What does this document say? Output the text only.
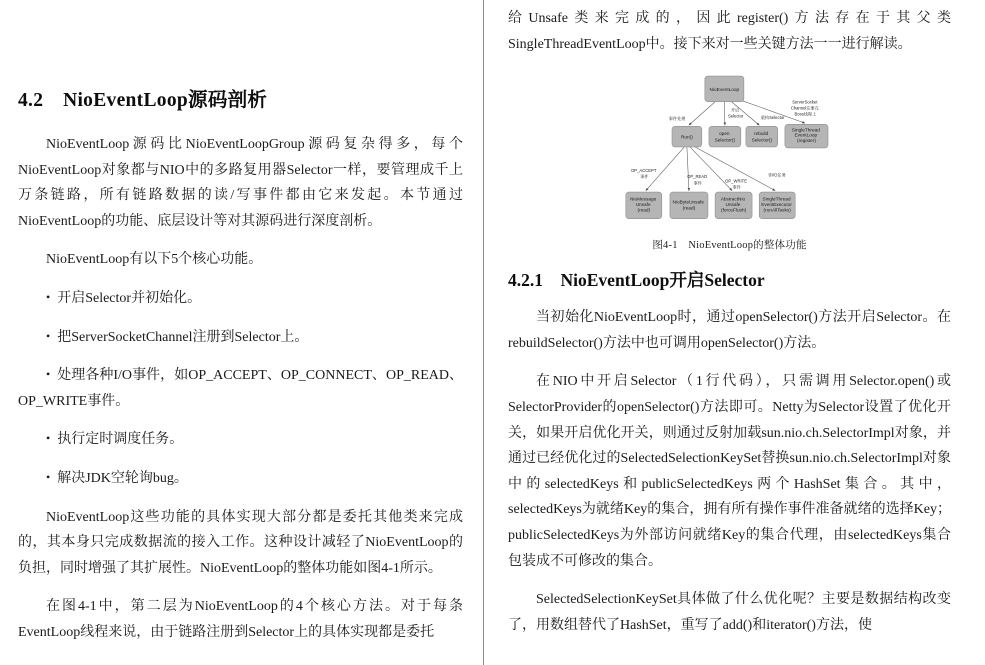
4.2　NioEventLoop源码剖析

NioEventLoop源码比NioEventLoopGroup源码复杂得多，每个NioEventLoop对象都与NIO中的多路复用器Selector一样，要管理成千上万条链路，所有链路数据的读/写事件都由它来发起。本节通过NioEventLoop的功能、底层设计等对其源码进行深度剖析。

NioEventLoop有以下5个核心功能。

• 开启Selector并初始化。

• 把ServerSocketChannel注册到Selector上。

• 处理各种I/O事件，如OP_ACCEPT、OP_CONNECT、OP_READ、OP_WRITE事件。

• 执行定时调度任务。

• 解决JDK空轮询bug。

NioEventLoop这些功能的具体实现大部分都是委托其他类来完成的，其本身只完成数据流的接入工作。这种设计减轻了NioEventLoop的负担，同时增强了其扩展性。NioEventLoop的整体功能如图4-1所示。

在图4-1中，第二层为NioEventLoop的4个核心方法。对于每条EventLoop线程来说，由于链路注册到Selector上的具体实现都是委托

给Unsafe类来完成的，因此register()方法存在于其父类SingleThreadEventLoop中。接下来对一些关键方法一一进行解读。

事件处理
开启 Selector	重构Selector
ServerSocket Channel注册在 Boss线程上
OP_ACCEPT 事件	OP_READ 事件	OP_WRITE 事件
非I/O任务
NioEventLoop
Run()
open Selector()
rebuild Selector()
SingleThread EventLoop (register)
NioMessage Unsafe (read)
NioByteUnsafe (read)
AbstractNio Unsafe (forceFlush)
SingleThread EventExecutor (runAllTasks)
图4-1　NioEventLoop的整体功能
4.2.1　NioEventLoop开启Selector

当初始化NioEventLoop时，通过openSelector()方法开启Selector。在rebuildSelector()方法中也可调用openSelector()方法。

在NIO中开启Selector（1行代码），只需调用Selector.open()或SelectorProvider的openSelector()方法即可。Netty为Selector设置了优化开关，如果开启优化开关，则通过反射加载sun.nio.ch.SelectorImpl对象，并通过已经优化过的SelectedSelectionKeySet替换sun.nio.ch.SelectorImpl对象中的selectedKeys和publicSelectedKeys两个HashSet集合。其中，selectedKeys为就绪Key的集合，拥有所有操作事件准备就绪的选择Key；publicSelectedKeys为外部访问就绪Key的集合代理，由selectedKeys集合包装成不可修改的集合。

SelectedSelectionKeySet具体做了什么优化呢？主要是数据结构改变了，用数组替代了HashSet，重写了add()和iterator()方法，使
